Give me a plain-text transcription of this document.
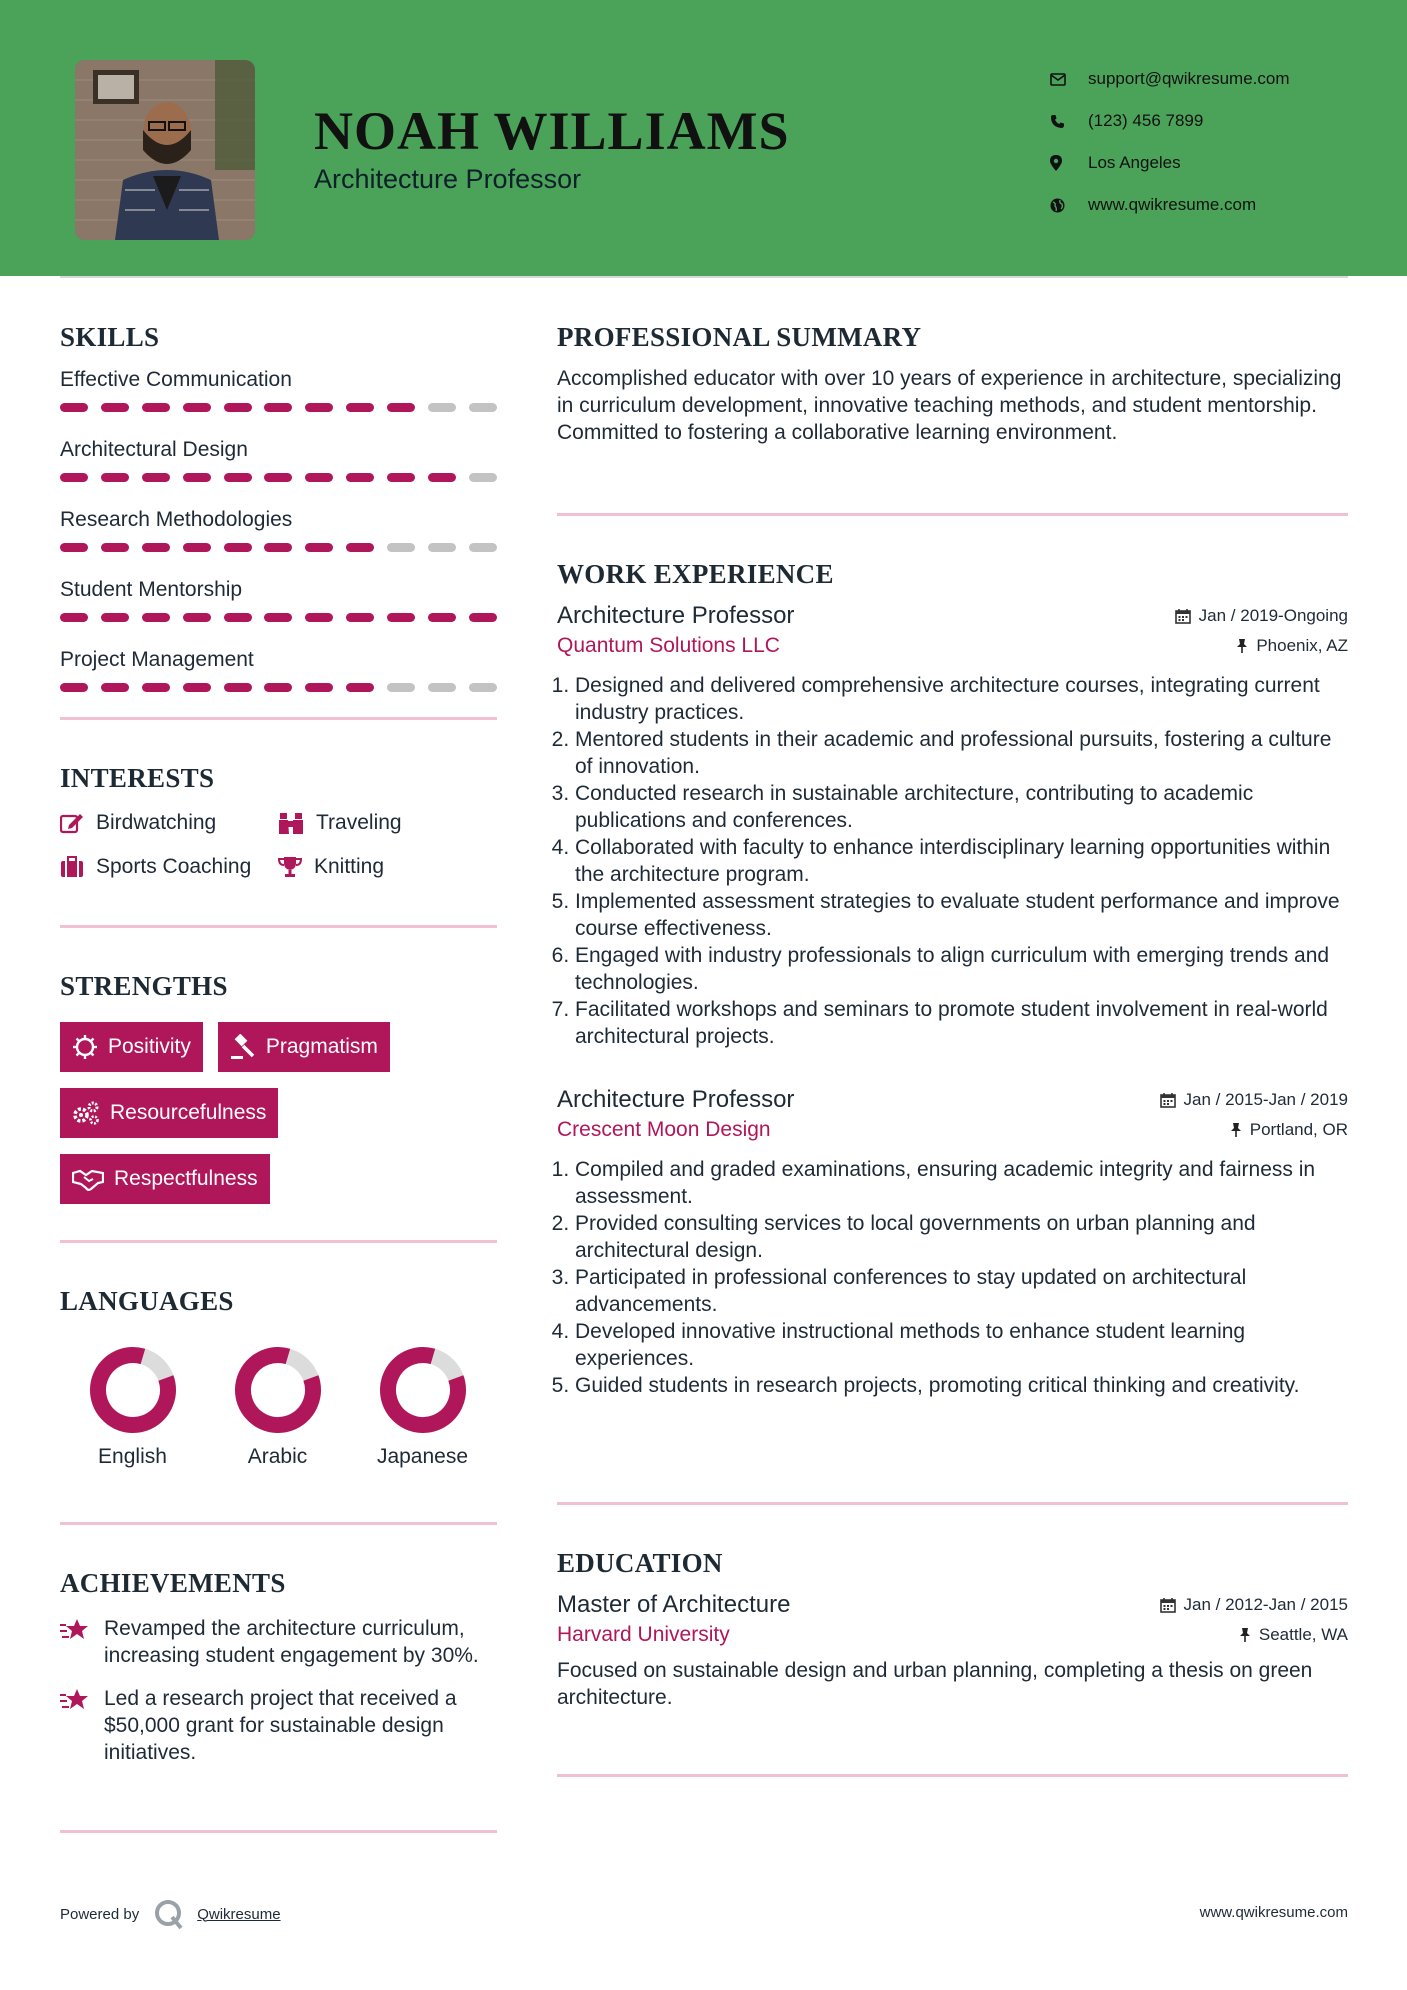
NOAH WILLIAMS
Architecture Professor
support@qwikresume.com
(123) 456 7899
Los Angeles
www.qwikresume.com
SKILLS
Effective Communication
Architectural Design
Research Methodologies
Student Mentorship
Project Management
INTERESTS
Birdwatching	Traveling
Sports Coaching	Knitting
STRENGTHS
Positivity	Pragmatism
Resourcefulness
Respectfulness
LANGUAGES
English	Arabic	Japanese
ACHIEVEMENTS
Revamped the architecture curriculum, increasing student engagement by 30%.
Led a research project that received a $50,000 grant for sustainable design initiatives.
PROFESSIONAL SUMMARY
Accomplished educator with over 10 years of experience in architecture, specializing in curriculum development, innovative teaching methods, and student mentorship. Committed to fostering a collaborative learning environment.
WORK EXPERIENCE
Architecture Professor	Jan / 2019-Ongoing
Quantum Solutions LLC	Phoenix, AZ
1. Designed and delivered comprehensive architecture courses, integrating current industry practices.
2. Mentored students in their academic and professional pursuits, fostering a culture of innovation.
3. Conducted research in sustainable architecture, contributing to academic publications and conferences.
4. Collaborated with faculty to enhance interdisciplinary learning opportunities within the architecture program.
5. Implemented assessment strategies to evaluate student performance and improve course effectiveness.
6. Engaged with industry professionals to align curriculum with emerging trends and technologies.
7. Facilitated workshops and seminars to promote student involvement in real-world architectural projects.
Architecture Professor	Jan / 2015-Jan / 2019
Crescent Moon Design	Portland, OR
1. Compiled and graded examinations, ensuring academic integrity and fairness in assessment.
2. Provided consulting services to local governments on urban planning and architectural design.
3. Participated in professional conferences to stay updated on architectural advancements.
4. Developed innovative instructional methods to enhance student learning experiences.
5. Guided students in research projects, promoting critical thinking and creativity.
EDUCATION
Master of Architecture	Jan / 2012-Jan / 2015
Harvard University	Seattle, WA
Focused on sustainable design and urban planning, completing a thesis on green architecture.
Powered by	Qwikresume	www.qwikresume.com
